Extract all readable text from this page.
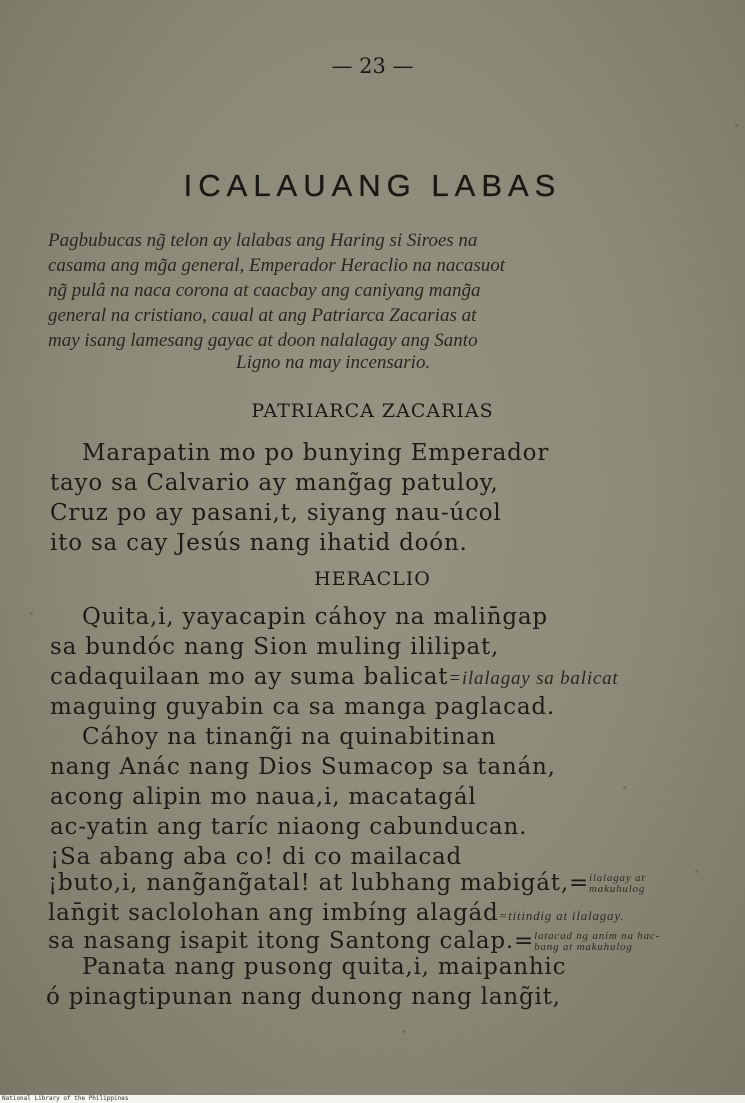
— 23 —
ICALAUANG LABAS
Pagbubucas ng̃ telon ay lalabas ang Haring si Siroes na
casama ang mg̃a general, Emperador Heraclio na nacasuot
ng̃ pulâ na naca corona at caacbay ang caniyang mang̃a
general na cristiano, caual at ang Patriarca Zacarias at
may isang lamesang gayac at doon nalalagay ang Santo
Ligno na may incensario.
PATRIARCA ZACARIAS
Marapatin mo po bunying Emperador
tayo sa Calvario ay mang̃ag patuloy,
Cruz po ay pasani,t, siyang nau-úcol
ito sa cay Jesús nang ihatid doón.
HERACLIO
Quita,i, yayacapin cáhoy na malin̄gap
sa bundóc nang Sion muling ililipat,
cadaquilaan mo ay suma balicat=ilalagay sa balicat
maguing guyabin ca sa manga paglacad.
Cáhoy na tinang̃i na quinabitinan
nang Anác nang Dios Sumacop sa tanán,
acong alipin mo naua,i, macatagál
ac-yatin ang taríc niaong cabunducan.
¡Sa abang aba co! di co mailacad
¡buto,i, nang̃ang̃atal! at lubhang mabigát,=ilalagay at
makuhulog
lan̄git saclolohan ang imbíng alagád=titindig at ilalagay.
sa nasang isapit itong Santong calap.=latacad ng anim na hac-
bang at makuhulog
Panata nang pusong quita,i, maipanhic
ó pinagtipunan nang dunong nang lang̃it,
National Library of the Philippines
